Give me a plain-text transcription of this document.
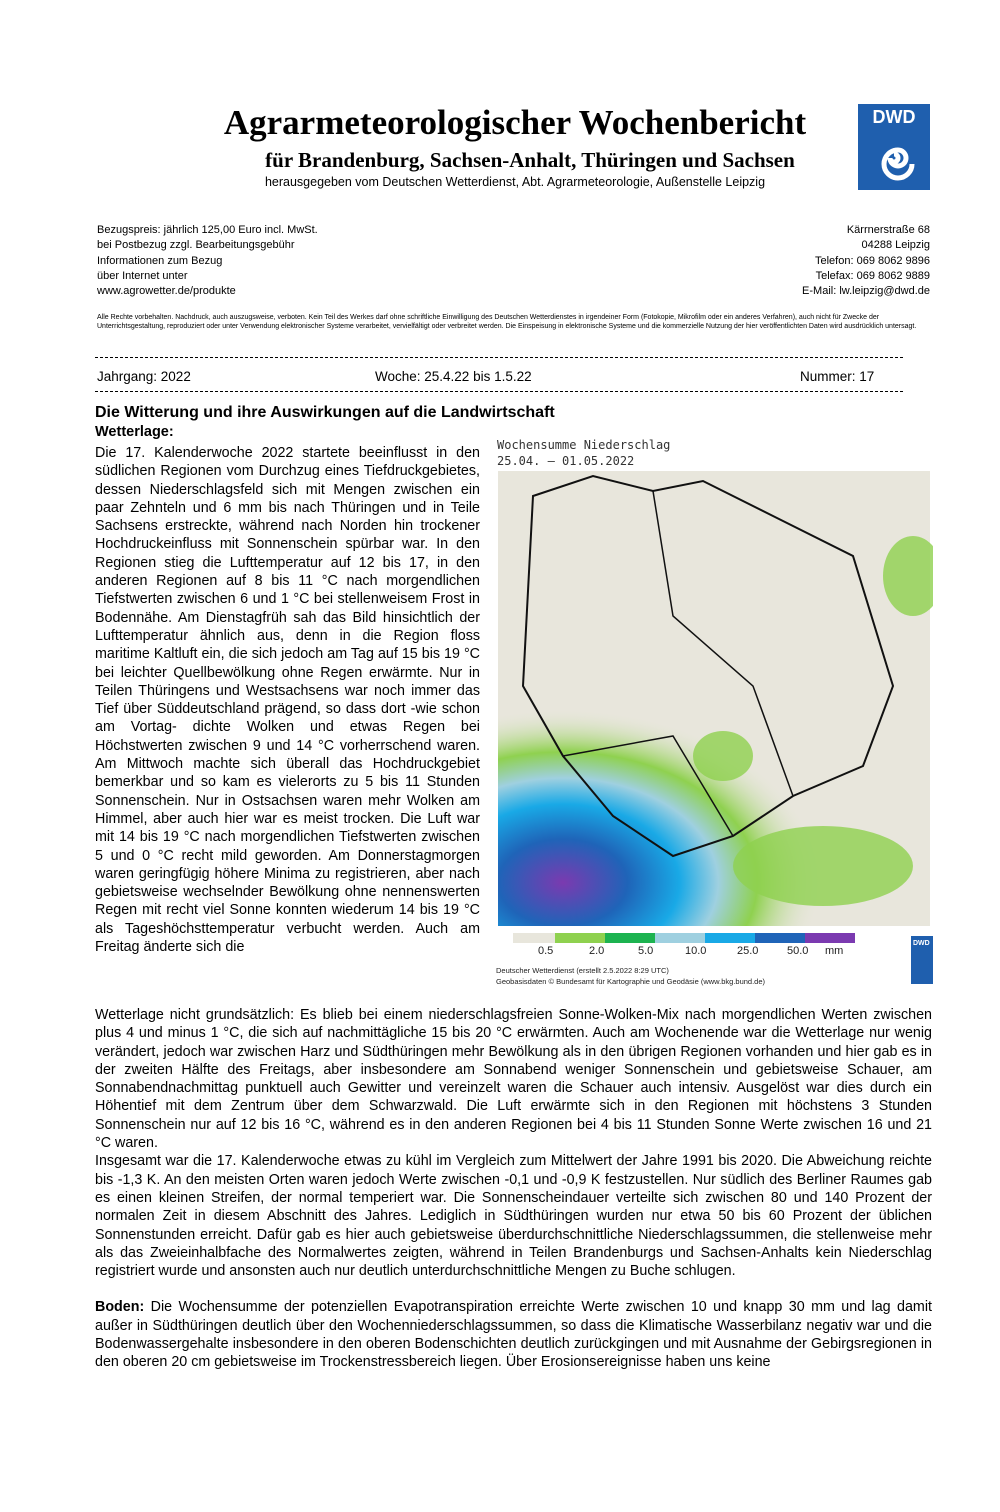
Agrarmeteorologischer Wochenbericht
für Brandenburg, Sachsen-Anhalt, Thüringen und Sachsen
herausgegeben vom Deutschen Wetterdienst, Abt. Agrarmeteorologie, Außenstelle Leipzig
DWD
Bezugspreis: jährlich 125,00 Euro incl. MwSt.
bei Postbezug zzgl. Bearbeitungsgebühr
Informationen zum Bezug
über Internet unter
www.agrowetter.de/produkte
Kärrnerstraße 68
04288 Leipzig
Telefon: 069 8062 9896
Telefax: 069 8062 9889
E-Mail: lw.leipzig@dwd.de
Alle Rechte vorbehalten. Nachdruck, auch auszugsweise, verboten. Kein Teil des Werkes darf ohne schriftliche Einwilligung des Deutschen Wetterdienstes in irgendeiner Form (Fotokopie, Mikrofilm oder ein anderes Verfahren), auch nicht für Zwecke der Unterrichtsgestaltung, reproduziert oder unter Verwendung elektronischer Systeme verarbeitet, vervielfältigt oder verbreitet werden. Die Einspeisung in elektronische Systeme und die kommerzielle Nutzung der hier veröffentlichten Daten wird ausdrücklich untersagt.
Jahrgang: 2022	Woche: 25.4.22 bis 1.5.22	Nummer: 17
Die Witterung und ihre Auswirkungen auf die Landwirtschaft
Wetterlage:
Die 17. Kalenderwoche 2022 startete beeinflusst in den südlichen Regionen vom Durchzug eines Tiefdruckgebietes, dessen Niederschlagsfeld sich mit Mengen zwischen ein paar Zehnteln und 6 mm bis nach Thüringen und in Teile Sachsens erstreckte, während nach Norden hin trockener Hochdruckeinfluss mit Sonnenschein spürbar war. In den Regionen stieg die Lufttemperatur auf 12 bis 17, in den anderen Regionen auf 8 bis 11 °C nach morgendlichen Tiefstwerten zwischen 6 und 1 °C bei stellenweisem Frost in Bodennähe. Am Dienstagfrüh sah das Bild hinsichtlich der Lufttemperatur ähnlich aus, denn in die Region floss maritime Kaltluft ein, die sich jedoch am Tag auf 15 bis 19 °C bei leichter Quellbewölkung ohne Regen erwärmte. Nur in Teilen Thüringens und Westsachsens war noch immer das Tief über Süddeutschland prägend, so dass dort -wie schon am Vortag- dichte Wolken und etwas Regen bei Höchstwerten zwischen 9 und 14 °C vorherrschend waren. Am Mittwoch machte sich überall das Hochdruckgebiet bemerkbar und so kam es vielerorts zu 5 bis 11 Stunden Sonnenschein. Nur in Ostsachsen waren mehr Wolken am Himmel, aber auch hier war es meist trocken. Die Luft war mit 14 bis 19 °C nach morgendlichen Tiefstwerten zwischen 5 und 0 °C recht mild geworden. Am Donnerstagmorgen waren geringfügig höhere Minima zu registrieren, aber nach gebietsweise wechselnder Bewölkung ohne nennenswerten Regen mit recht viel Sonne konnten wiederum 14 bis 19 °C als Tageshöchsttemperatur verbucht werden. Auch am Freitag änderte sich die
Wochensumme Niederschlag
25.04. – 01.05.2022
0.5	2.0	5.0	10.0	25.0	50.0 mm
Deutscher Wetterdienst (erstellt 2.5.2022 8:29 UTC)
Geobasisdaten © Bundesamt für Kartographie und Geodäsie (www.bkg.bund.de)
DWD
Wetterlage nicht grundsätzlich: Es blieb bei einem niederschlagsfreien Sonne-Wolken-Mix nach morgendlichen Werten zwischen plus 4 und minus 1 °C, die sich auf nachmittägliche 15 bis 20 °C erwärmten. Auch am Wochenende war die Wetterlage nur wenig verändert, jedoch war zwischen Harz und Südthüringen mehr Bewölkung als in den übrigen Regionen vorhanden und hier gab es in der zweiten Hälfte des Freitags, aber insbesondere am Sonnabend weniger Sonnenschein und gebietsweise Schauer, am Sonnabendnachmittag punktuell auch Gewitter und vereinzelt waren die Schauer auch intensiv. Ausgelöst war dies durch ein Höhentief mit dem Zentrum über dem Schwarzwald. Die Luft erwärmte sich in den Regionen mit höchstens 3 Stunden Sonnenschein nur auf 12 bis 16 °C, während es in den anderen Regionen bei 4 bis 11 Stunden Sonne Werte zwischen 16 und 21 °C waren.
Insgesamt war die 17. Kalenderwoche etwas zu kühl im Vergleich zum Mittelwert der Jahre 1991 bis 2020. Die Abweichung reichte bis -1,3 K. An den meisten Orten waren jedoch Werte zwischen -0,1 und -0,9 K festzustellen. Nur südlich des Berliner Raumes gab es einen kleinen Streifen, der normal temperiert war. Die Sonnenscheindauer verteilte sich zwischen 80 und 140 Prozent der normalen Zeit in diesem Abschnitt des Jahres. Lediglich in Südthüringen wurden nur etwa 50 bis 60 Prozent der üblichen Sonnenstunden erreicht. Dafür gab es hier auch gebietsweise überdurchschnittliche Niederschlagssummen, die stellenweise mehr als das Zweieinhalbfache des Normalwertes zeigten, während in Teilen Brandenburgs und Sachsen-Anhalts kein Niederschlag registriert wurde und ansonsten auch nur deutlich unterdurchschnittliche Mengen zu Buche schlugen.
Boden: Die Wochensumme der potenziellen Evapotranspiration erreichte Werte zwischen 10 und knapp 30 mm und lag damit außer in Südthüringen deutlich über den Wochenniederschlagssummen, so dass die Klimatische Wasserbilanz negativ war und die Bodenwassergehalte insbesondere in den oberen Bodenschichten deutlich zurückgingen und mit Ausnahme der Gebirgsregionen in den oberen 20 cm gebietsweise im Trockenstressbereich liegen. Über Erosionsereignisse haben uns keine
